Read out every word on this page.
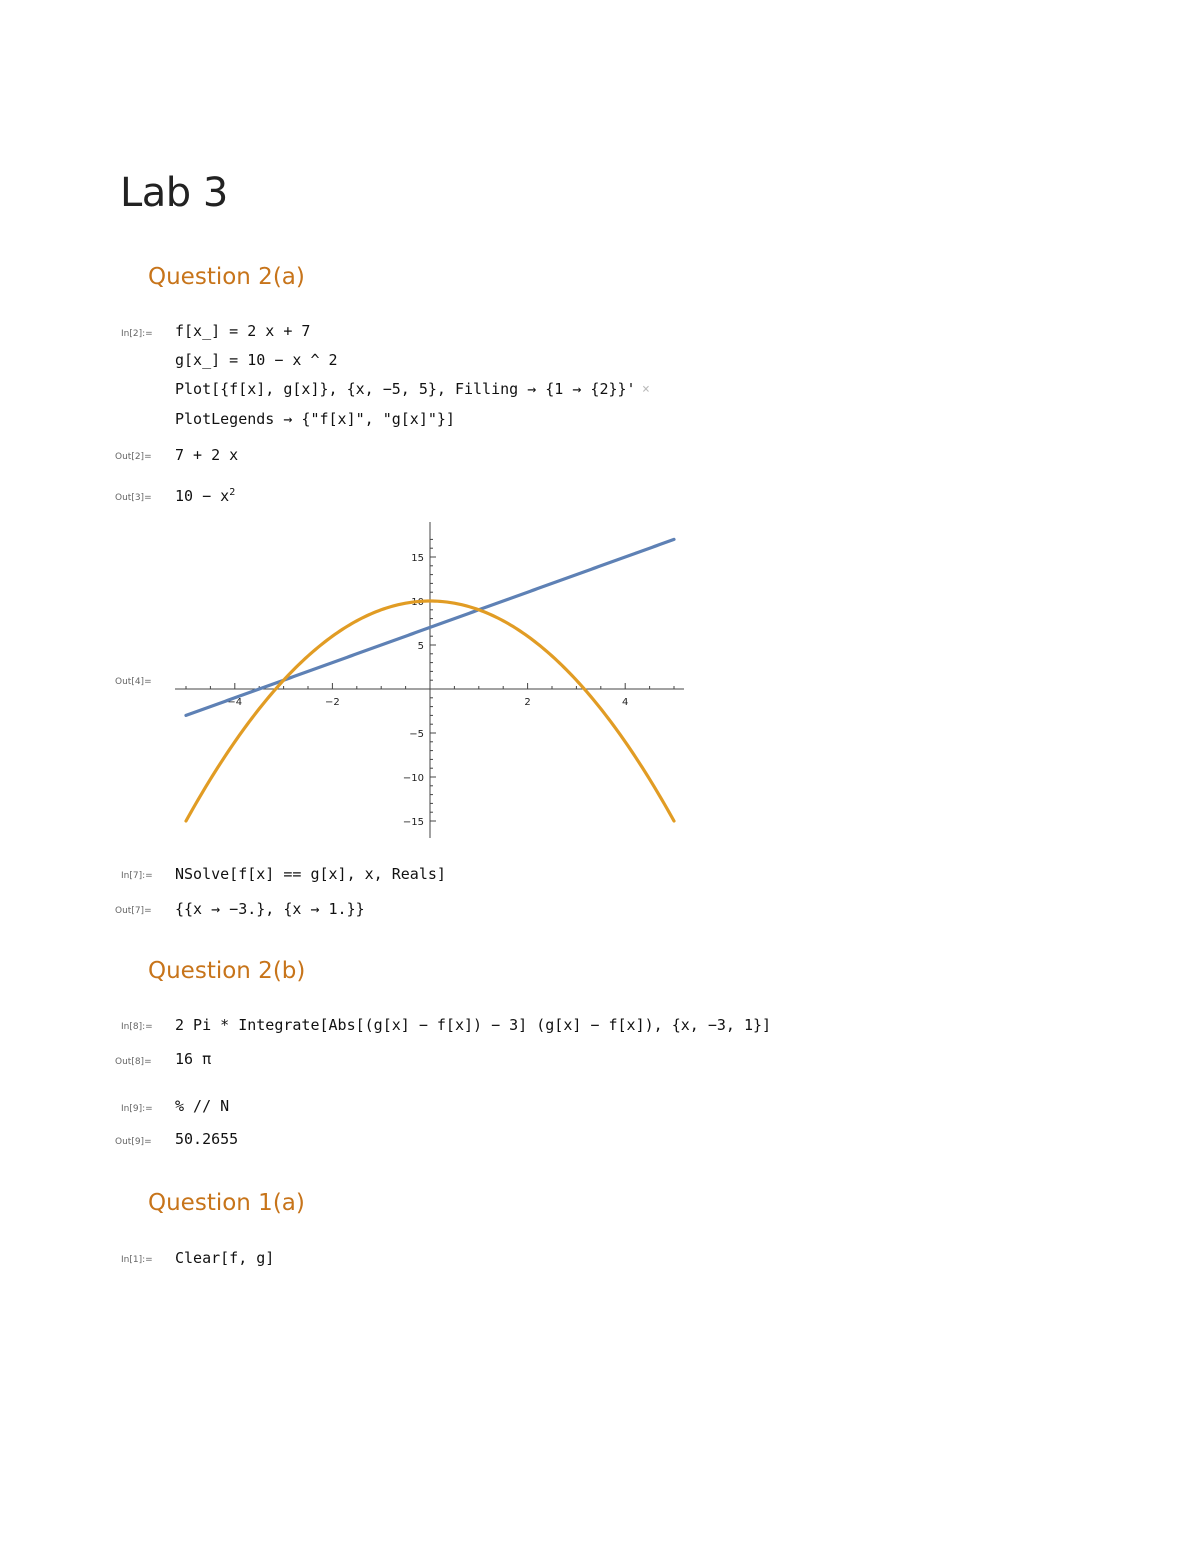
Lab 3
Question 2(a)
In[2]:= f[x_] = 2 x + 7
g[x_] = 10 − x ^ 2
Plot[{f[x], g[x]}, {x, −5, 5}, Filling → {1 → {2}}' ×
PlotLegends → {"f[x]", "g[x]"}]
Out[2]= 7 + 2 x
$Out[3]= 10 - x^2$
Out[4]=
−4	−2	2	4
15
10
5
−5
−10
−15
In[7]:= NSolve[f[x] == g[x], x, Reals]
Out[7]= {{x → −3.}, {x → 1.}}
Question 2(b)
In[8]:= 2 Pi * Integrate[Abs[(g[x] − f[x]) − 3] (g[x] − f[x]), {x, −3, 1}]
Out[8]= 16 π
In[9]:= % // N
Out[9]= 50.2655
Question 1(a)
In[1]:= Clear[f, g]
